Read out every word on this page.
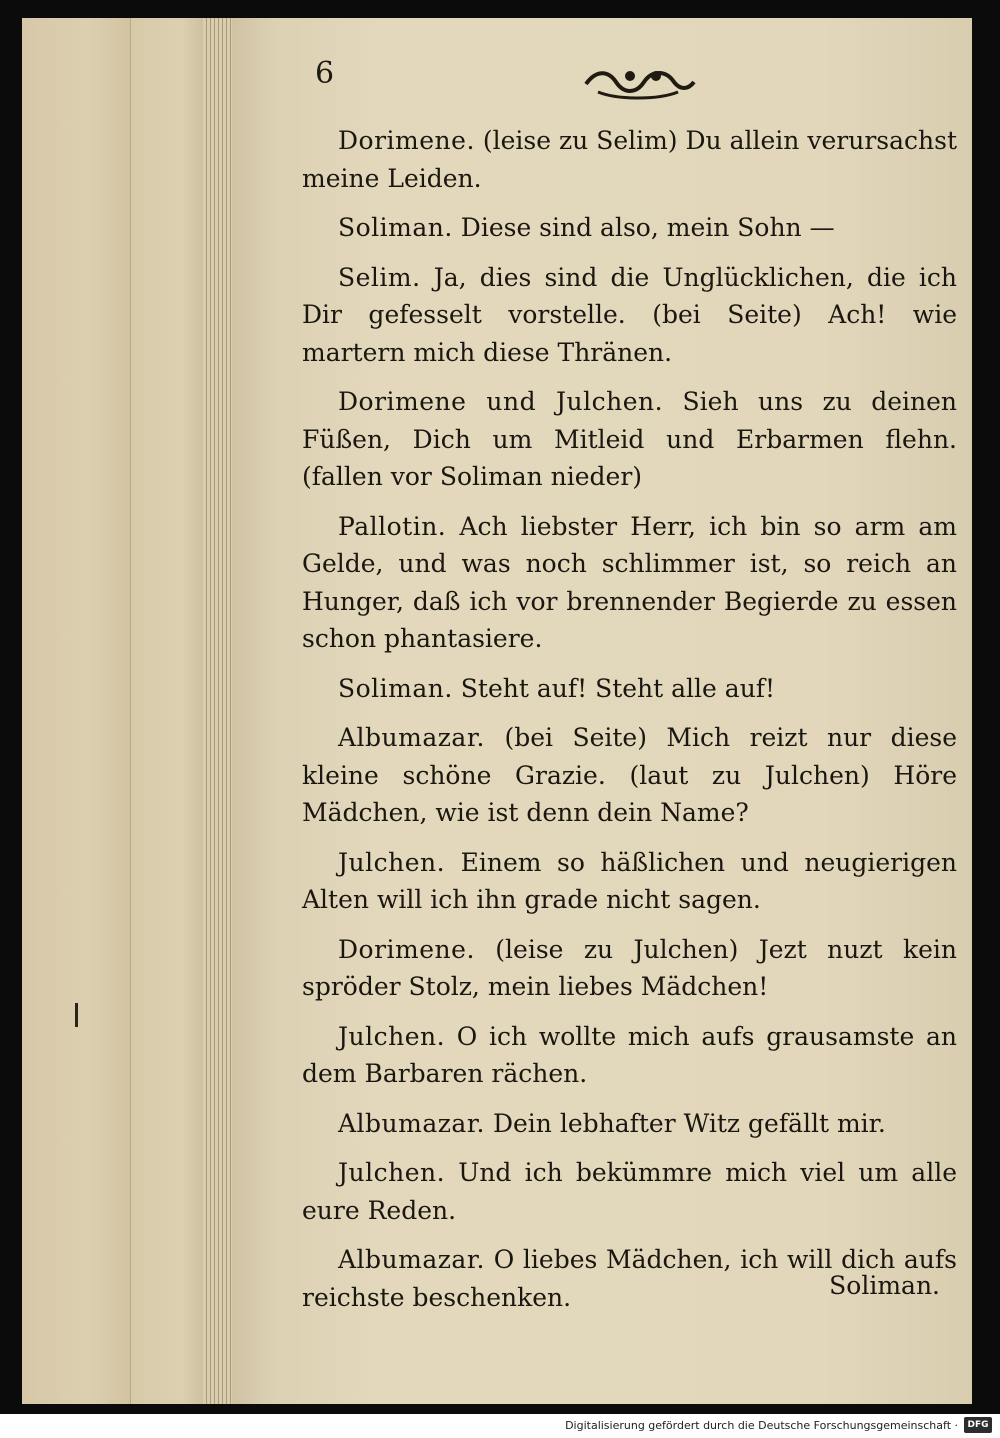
6

Dorimene. (leise zu Selim) Du allein verursachst meine Leiden.

Soliman. Diese sind also, mein Sohn —

Selim. Ja, dies sind die Unglücklichen, die ich Dir gefesselt vorstelle. (bei Seite) Ach! wie martern mich diese Thränen.

Dorimene und Julchen. Sieh uns zu deinen Füßen, Dich um Mitleid und Erbarmen flehn. (fallen vor Soliman nieder)

Pallotin. Ach liebster Herr, ich bin so arm am Gelde, und was noch schlimmer ist, so reich an Hunger, daß ich vor brennender Begierde zu essen schon phantasiere.

Soliman. Steht auf! Steht alle auf!

Albumazar. (bei Seite) Mich reizt nur diese kleine schöne Grazie. (laut zu Julchen) Höre Mädchen, wie ist denn dein Name?

Julchen. Einem so häßlichen und neugierigen Alten will ich ihn grade nicht sagen.

Dorimene. (leise zu Julchen) Jezt nuzt kein spröder Stolz, mein liebes Mädchen!

Julchen. O ich wollte mich aufs grausamste an dem Barbaren rächen.

Albumazar. Dein lebhafter Witz gefällt mir.

Julchen. Und ich bekümmre mich viel um alle eure Reden.

Albumazar. O liebes Mädchen, ich will dich aufs reichste beschenken.	Soliman.
Digitalisierung gefördert durch die Deutsche Forschungsgemeinschaft ·	DFG
